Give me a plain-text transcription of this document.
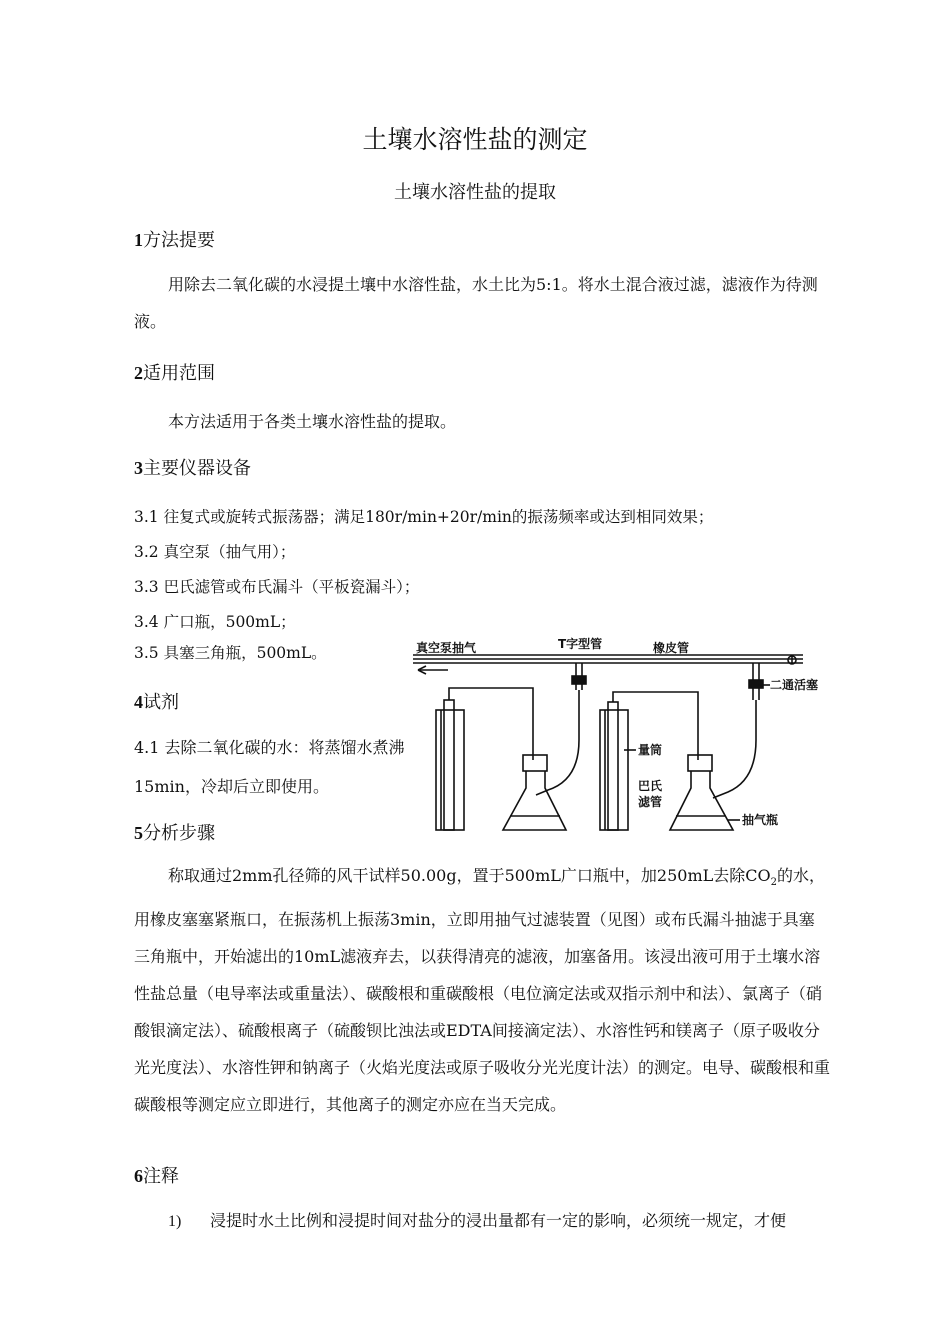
土壤水溶性盐的测定
土壤水溶性盐的提取
1方法提要
用除去二氧化碳的水浸提土壤中水溶性盐，水土比为5:1。将水土混合液过滤，滤液作为待测液。
2适用范围
本方法适用于各类土壤水溶性盐的提取。
3主要仪器设备
3.1 往复式或旋转式振荡器；满足180r/min+20r/min的振荡频率或达到相同效果；
3.2 真空泵（抽气用）；
3.3 巴氏滤管或布氏漏斗（平板瓷漏斗）；
3.4 广口瓶，500mL；
3.5 具塞三角瓶，500mL。
4试剂
4.1 去除二氧化碳的水：将蒸馏水煮沸15min，冷却后立即使用。
5分析步骤
称取通过2mm孔径筛的风干试样50.00g，置于500mL广口瓶中，加250mL去除$CO_2$的水，用橡皮塞塞紧瓶口，在振荡机上振荡3min，立即用抽气过滤装置（见图）或布氏漏斗抽滤于具塞三角瓶中，开始滤出的10mL滤液弃去，以获得清亮的滤液，加塞备用。该浸出液可用于土壤水溶性盐总量（电导率法或重量法）、碳酸根和重碳酸根（电位滴定法或双指示剂中和法）、氯离子（硝酸银滴定法）、硫酸根离子（硫酸钡比浊法或EDTA间接滴定法）、水溶性钙和镁离子（原子吸收分光光度法）、水溶性钾和钠离子（火焰光度法或原子吸收分光光度计法）的测定。电导、碳酸根和重碳酸根等测定应立即进行，其他离子的测定亦应在当天完成。
6注释
1) 浸提时水土比例和浸提时间对盐分的浸出量都有一定的影响，必须统一规定，才便
真空泵抽气	T字型管	橡皮管
二通活塞
量筒
巴氏
滤管
抽气瓶
